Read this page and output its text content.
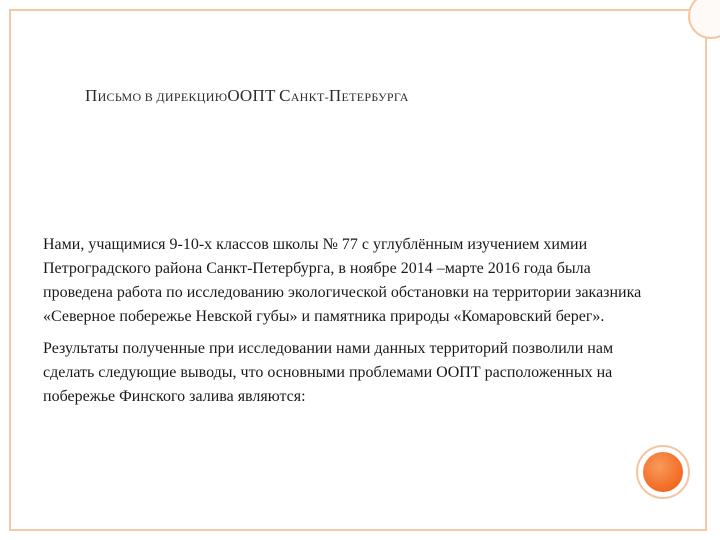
ПИСЬМО В ДИРЕКЦИЮООПТ САНКТ-ПЕТЕРБУРГА

Нами, учащимися 9-10-х классов школы № 77 с углублённым изучением химии Петроградского района Санкт-Петербурга, в ноябре 2014 –марте 2016 года была проведена работа по исследованию экологической обстановки на территории заказника «Северное побережье Невской губы» и памятника природы «Комаровский берег».

Результаты полученные при исследовании нами данных территорий позволили нам сделать следующие выводы, что основными проблемами ООПТ расположенных на побережье Финского залива являются:
